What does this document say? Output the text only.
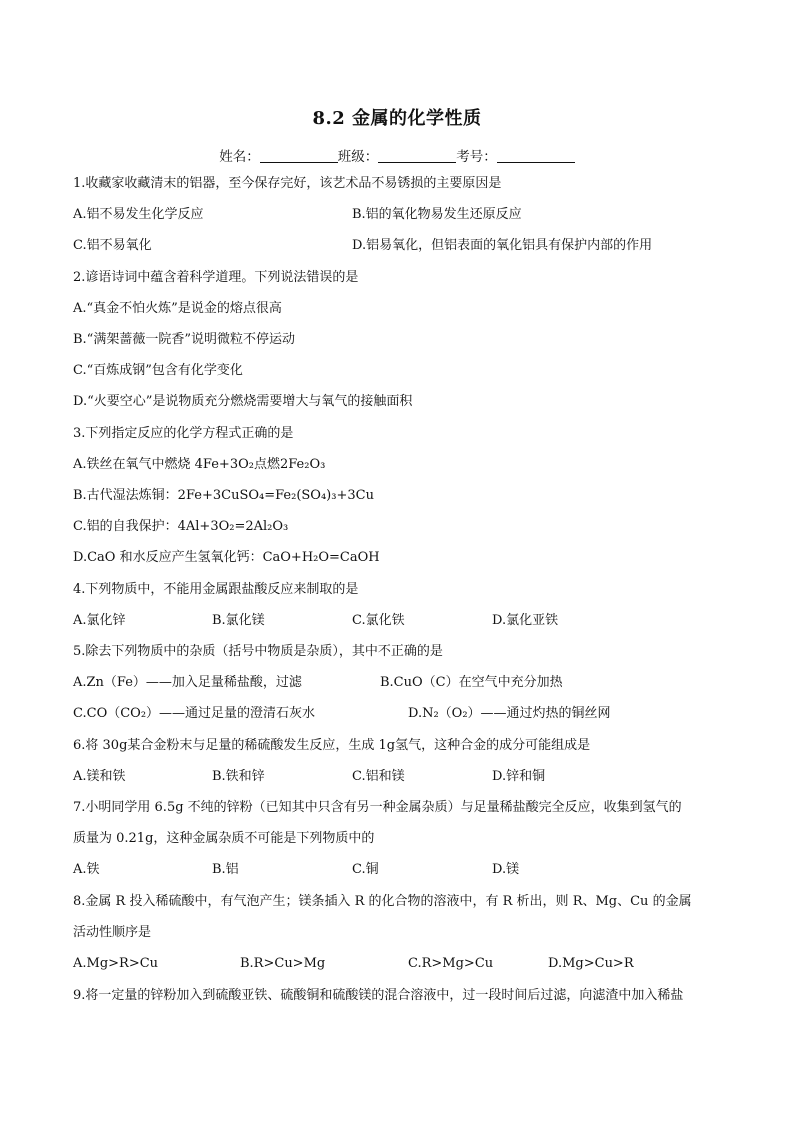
8.2 金属的化学性质
姓名：	班级：	考号：
1.收藏家收藏清末的铝器，至今保存完好，该艺术品不易锈损的主要原因是
A.铝不易发生化学反应	B.铝的氧化物易发生还原反应
C.铝不易氧化	D.铝易氧化，但铝表面的氧化铝具有保护内部的作用
2.谚语诗词中蕴含着科学道理。下列说法错误的是
A.“真金不怕火炼”是说金的熔点很高
B.“满架蔷薇一院香”说明微粒不停运动
C.“百炼成钢”包含有化学变化
D.“火要空心”是说物质充分燃烧需要增大与氧气的接触面积
3.下列指定反应的化学方程式正确的是
A.铁丝在氧气中燃烧 4Fe+3O₂点燃2Fe₂O₃
B.古代湿法炼铜：2Fe+3CuSO₄=Fe₂(SO₄)₃+3Cu
C.铝的自我保护：4Al+3O₂=2Al₂O₃
D.CaO 和水反应产生氢氧化钙：CaO+H₂O=CaOH
4.下列物质中，不能用金属跟盐酸反应来制取的是
A.氯化锌	B.氯化镁	C.氯化铁	D.氯化亚铁
5.除去下列物质中的杂质（括号中物质是杂质），其中不正确的是
A.Zn（Fe）——加入足量稀盐酸，过滤	B.CuO（C）在空气中充分加热
C.CO（CO₂）——通过足量的澄清石灰水	D.N₂（O₂）——通过灼热的铜丝网
6.将 30g某合金粉末与足量的稀硫酸发生反应，生成 1g氢气，这种合金的成分可能组成是
A.镁和铁	B.铁和锌	C.铝和镁	D.锌和铜
7.小明同学用 6.5g 不纯的锌粉（已知其中只含有另一种金属杂质）与足量稀盐酸完全反应，收集到氢气的
质量为 0.21g，这种金属杂质不可能是下列物质中的
A.铁	B.铝	C.铜	D.镁
8.金属 R 投入稀硫酸中，有气泡产生；镁条插入 R 的化合物的溶液中，有 R 析出，则 R、Mg、Cu 的金属
活动性顺序是
A.Mg>R>Cu	B.R>Cu>Mg	C.R>Mg>Cu	D.Mg>Cu>R
9.将一定量的锌粉加入到硫酸亚铁、硫酸铜和硫酸镁的混合溶液中，过一段时间后过滤，向滤渣中加入稀盐
